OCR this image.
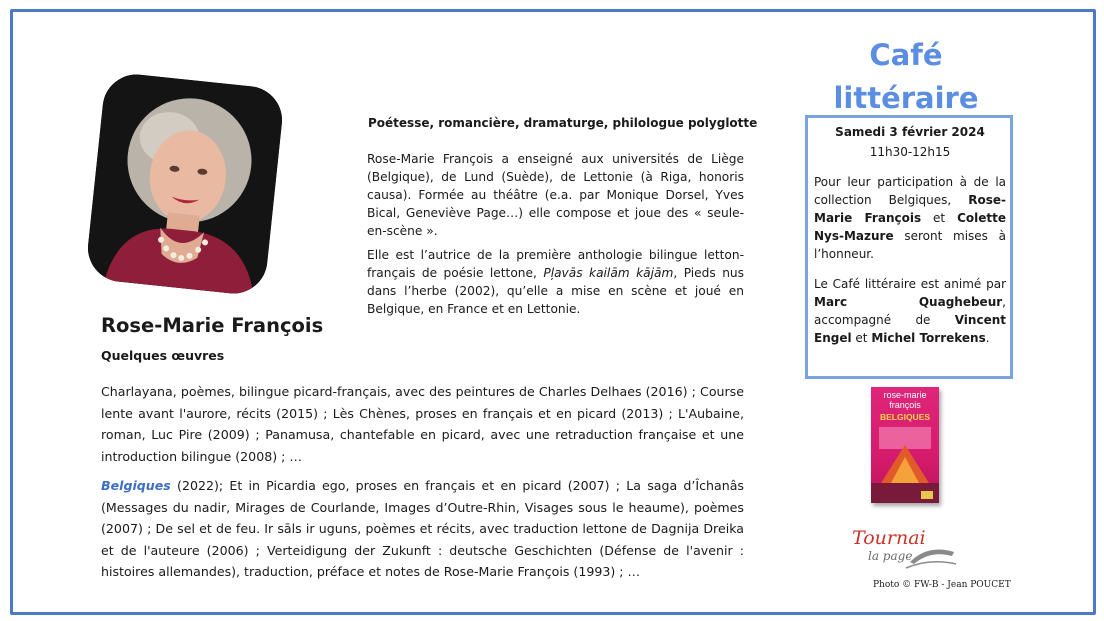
Rose-Marie François
Quelques œuvres
Poétesse, romancière, dramaturge, philologue polyglotte

Rose-Marie François a enseigné aux universités de Liège (Belgique), de Lund (Suède), de Lettonie (à Riga, honoris causa). Formée au théâtre (e.a. par Monique Dorsel, Yves Bical, Geneviève Page…) elle compose et joue des « seule-en-scène ».

Elle est l’autrice de la première anthologie bilingue letton-français de poésie lettone, Pļavās kailām kājām, Pieds nus dans l’herbe (2002), qu’elle a mise en scène et joué en Belgique, en France et en Lettonie.

Charlayana, poèmes, bilingue picard-français, avec des peintures de Charles Delhaes (2016) ; Course lente avant l'aurore, récits (2015) ; Lès Chènes, proses en français et en picard (2013) ; L'Aubaine, roman, Luc Pire (2009) ; Panamusa, chantefable en picard, avec une retraduction française et une introduction bilingue (2008) ; …

Belgiques (2022); Et in Picardia ego, proses en français et en picard (2007) ; La saga d’Îchanâs (Messages du nadir, Mirages de Courlande, Images d’Outre-Rhin, Visages sous le heaume), poèmes (2007) ; De sel et de feu. Ir sāls ir uguns, poèmes et récits, avec traduction lettone de Dagnija Dreika et de l'auteure (2006) ; Verteidigung der Zukunft : deutsche Geschichten (Défense de l'avenir : histoires allemandes), traduction, préface et notes de Rose-Marie François (1993) ; …

Café
littéraire
Samedi 3 février 2024
11h30-12h15
Pour leur participation à de la collection Belgiques, Rose-Marie François et Colette Nys-Mazure seront mises à l’honneur.
Le Café littéraire est animé par Marc Quaghebeur, accompagné de Vincent Engel et Michel Torrekens.
rose-marie
françois
BELGIQUES
Tournai
la page
Photo © FW-B - Jean POUCET
